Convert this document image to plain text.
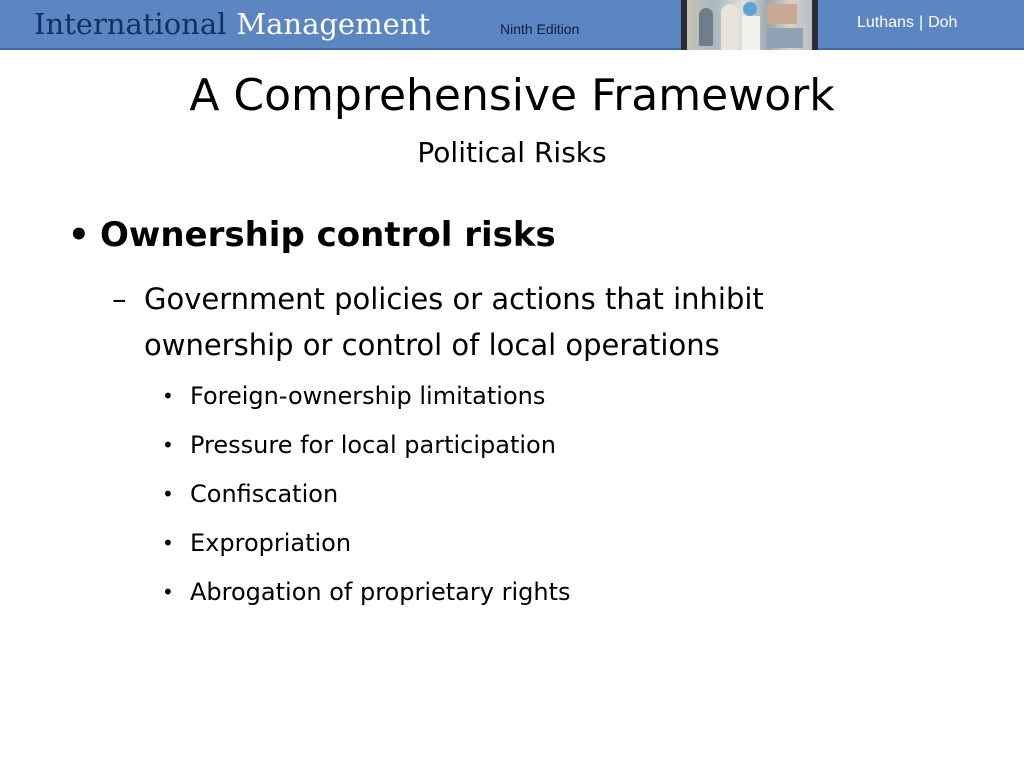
International Management	Ninth Edition	Luthans | Doh
A Comprehensive Framework
Political Risks
• Ownership control risks
– Government policies or actions that inhibit ownership or control of local operations
• Foreign-ownership limitations
• Pressure for local participation
• Confiscation
• Expropriation
• Abrogation of proprietary rights
